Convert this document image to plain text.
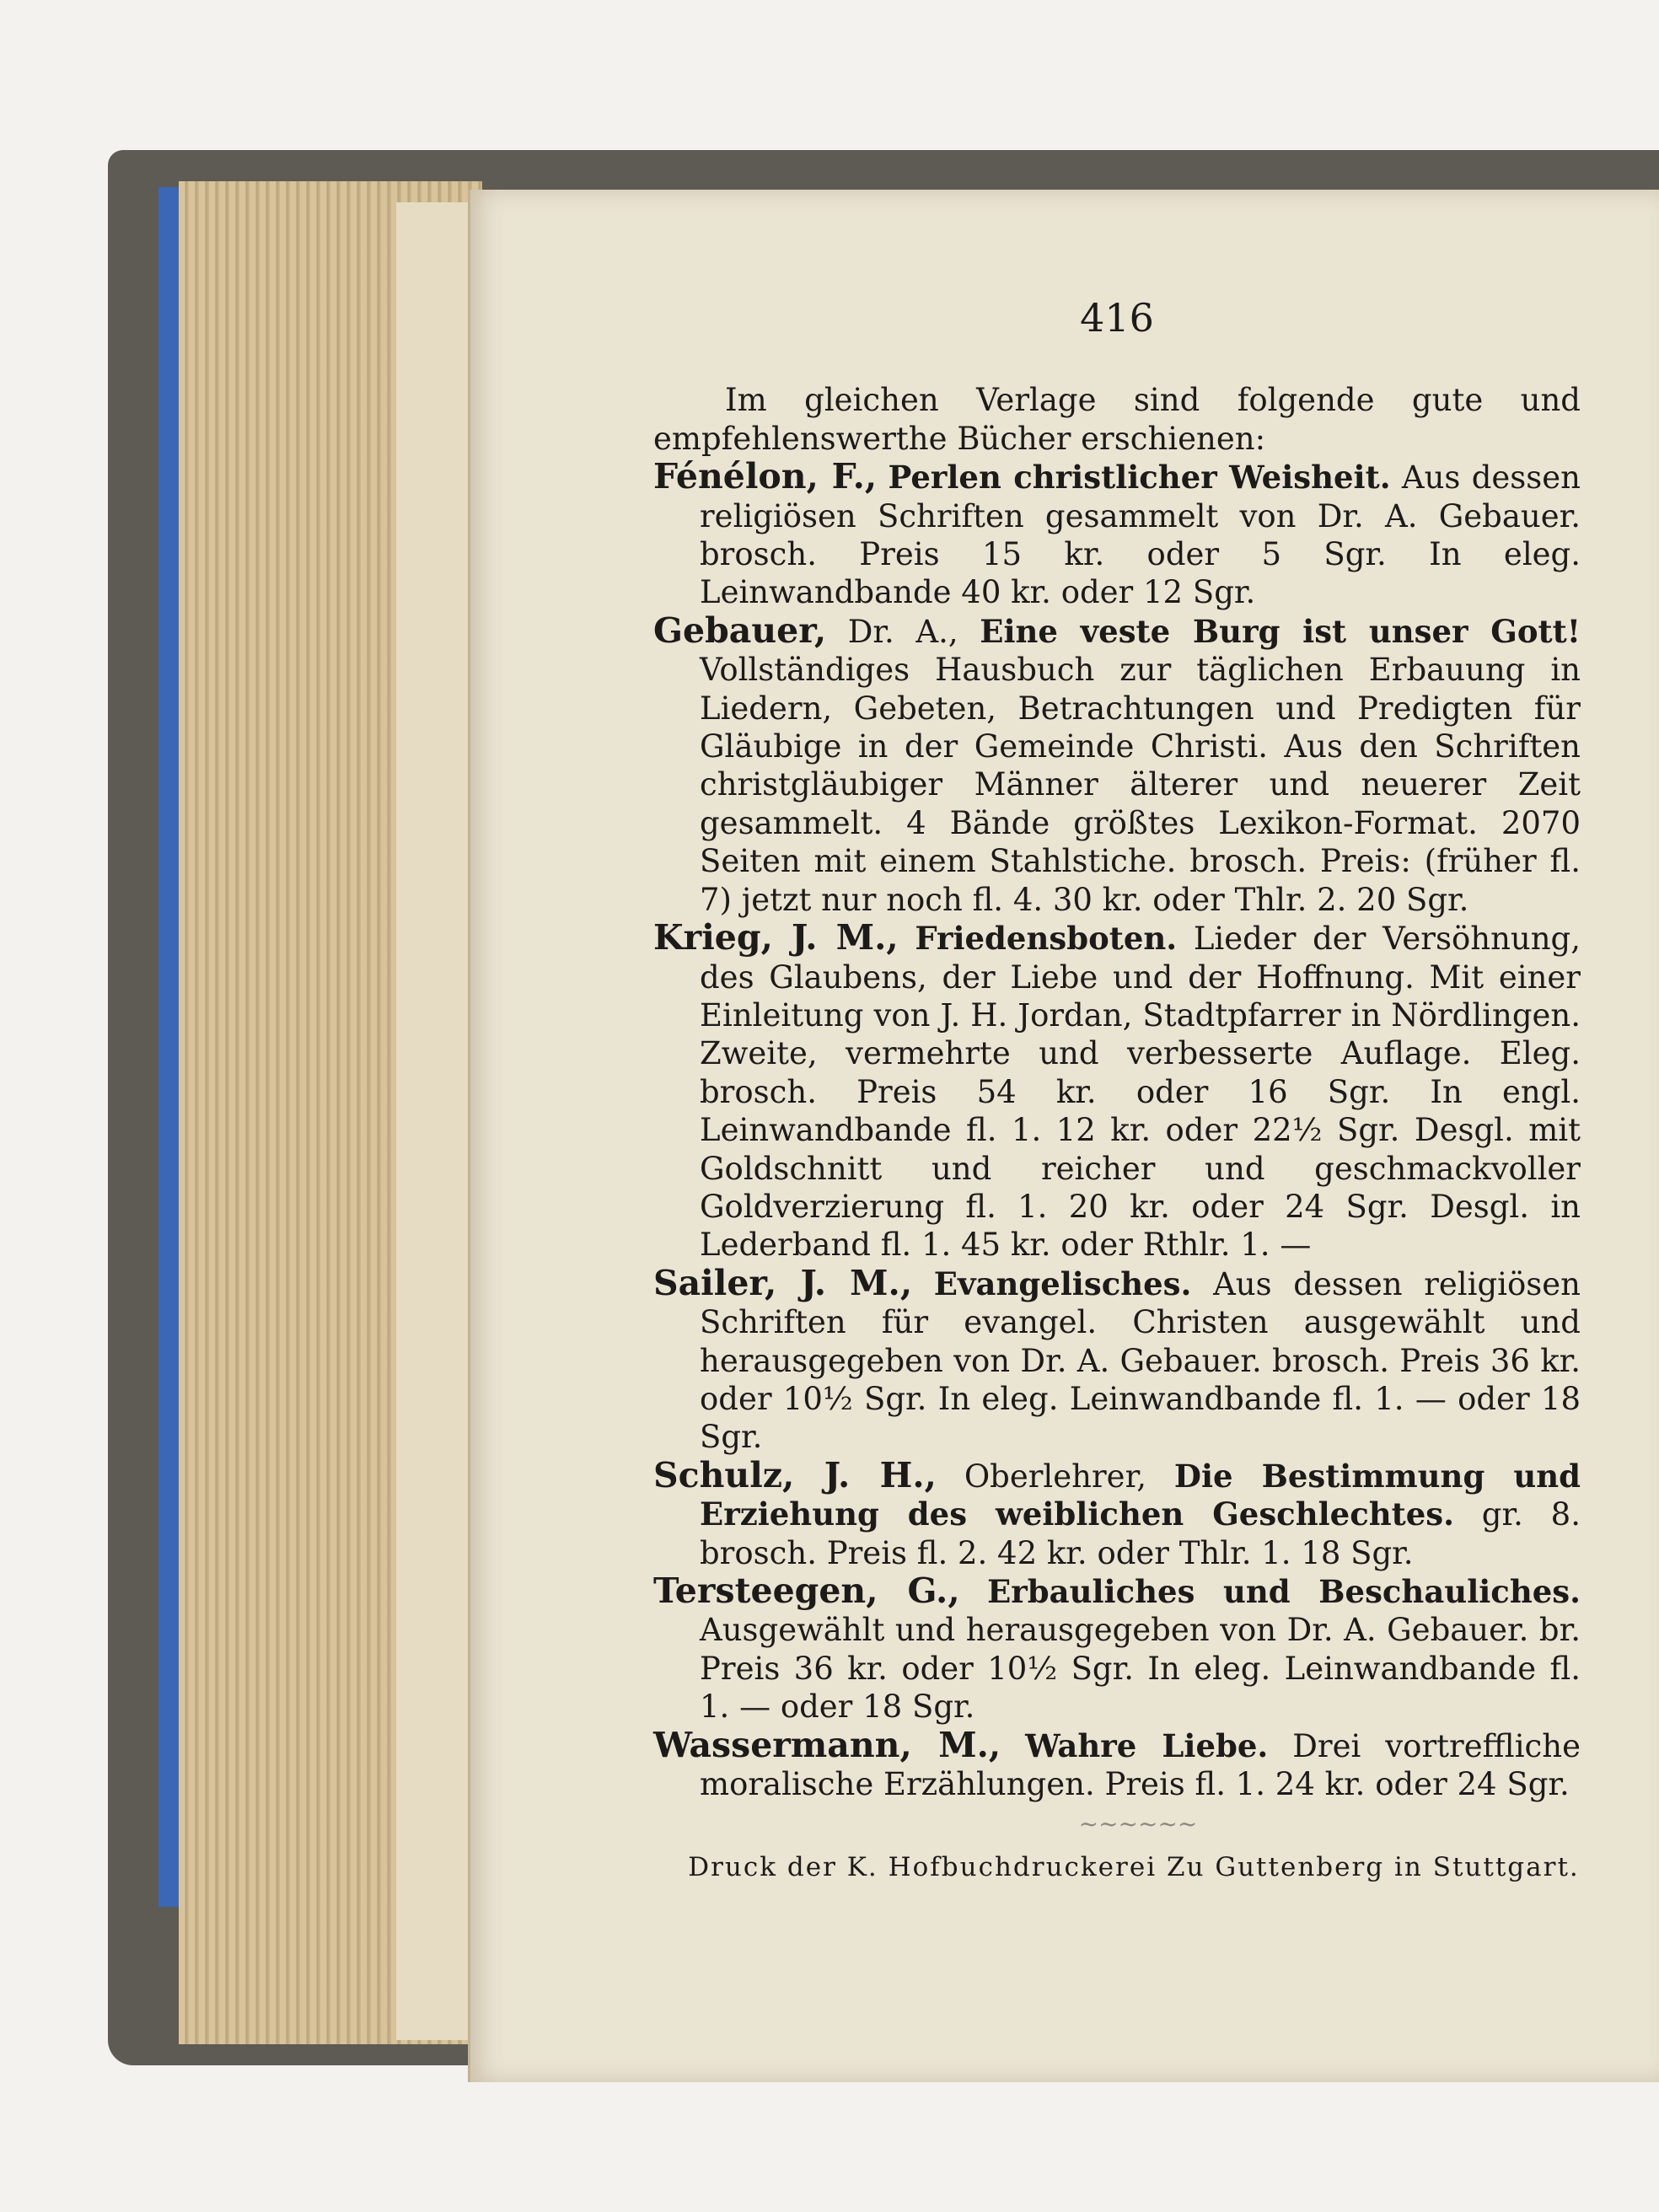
416

Im gleichen Verlage sind folgende gute und empfehlenswerthe Bücher erschienen:

Fénélon, F., Perlen christlicher Weisheit. Aus dessen religiösen Schriften gesammelt von Dr. A. Gebauer. brosch. Preis 15 kr. oder 5 Sgr. In eleg. Leinwandbande 40 kr. oder 12 Sgr.

Gebauer, Dr. A., Eine veste Burg ist unser Gott! Vollständiges Hausbuch zur täglichen Erbauung in Liedern, Gebeten, Betrachtungen und Predigten für Gläubige in der Gemeinde Christi. Aus den Schriften christgläubiger Männer älterer und neuerer Zeit gesammelt. 4 Bände größtes Lexikon-Format. 2070 Seiten mit einem Stahlstiche. brosch. Preis: (früher fl. 7) jetzt nur noch fl. 4. 30 kr. oder Thlr. 2. 20 Sgr.

Krieg, J. M., Friedensboten. Lieder der Versöhnung, des Glaubens, der Liebe und der Hoffnung. Mit einer Einleitung von J. H. Jordan, Stadtpfarrer in Nördlingen. Zweite, vermehrte und verbesserte Auflage. Eleg. brosch. Preis 54 kr. oder 16 Sgr. In engl. Leinwandbande fl. 1. 12 kr. oder 22½ Sgr. Desgl. mit Goldschnitt und reicher und geschmackvoller Goldverzierung fl. 1. 20 kr. oder 24 Sgr. Desgl. in Lederband fl. 1. 45 kr. oder Rthlr. 1. —

Sailer, J. M., Evangelisches. Aus dessen religiösen Schriften für evangel. Christen ausgewählt und herausgegeben von Dr. A. Gebauer. brosch. Preis 36 kr. oder 10½ Sgr. In eleg. Leinwandbande fl. 1. — oder 18 Sgr.

Schulz, J. H., Oberlehrer, Die Bestimmung und Erziehung des weiblichen Geschlechtes. gr. 8. brosch. Preis fl. 2. 42 kr. oder Thlr. 1. 18 Sgr.

Tersteegen, G., Erbauliches und Beschauliches. Ausgewählt und herausgegeben von Dr. A. Gebauer. br. Preis 36 kr. oder 10½ Sgr. In eleg. Leinwandbande fl. 1. — oder 18 Sgr.

Wassermann, M., Wahre Liebe. Drei vortreffliche moralische Erzählungen. Preis fl. 1. 24 kr. oder 24 Sgr.

~~~~~~
Druck der K. Hofbuchdruckerei Zu Guttenberg in Stuttgart.
